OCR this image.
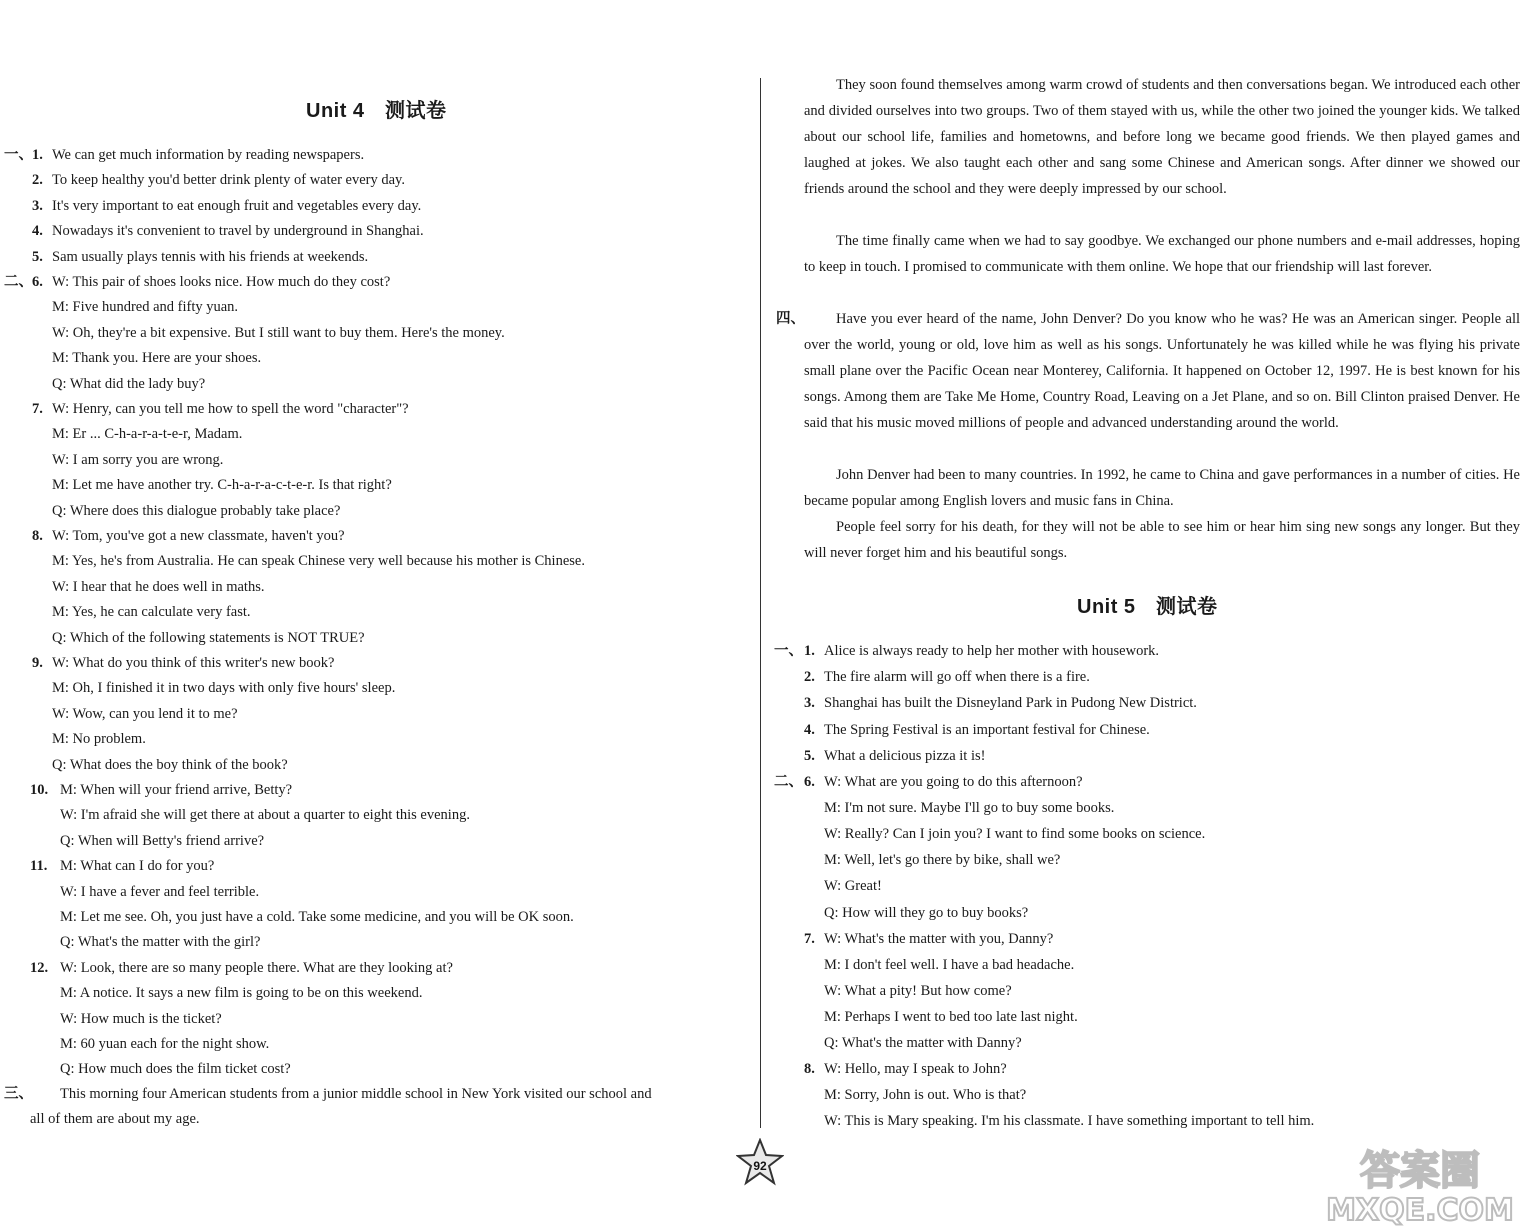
Unit 4　测试卷
一、 1. We can get much information by reading newspapers.
2. To keep healthy you'd better drink plenty of water every day.
3. It's very important to eat enough fruit and vegetables every day.
4. Nowadays it's convenient to travel by underground in Shanghai.
5. Sam usually plays tennis with his friends at weekends.
二、 6. W: This pair of shoes looks nice. How much do they cost?
M: Five hundred and fifty yuan.
W: Oh, they're a bit expensive. But I still want to buy them. Here's the money.
M: Thank you. Here are your shoes.
Q: What did the lady buy?
7. W: Henry, can you tell me how to spell the word "character"?
M: Er ... C-h-a-r-a-t-e-r, Madam.
W: I am sorry you are wrong.
M: Let me have another try. C-h-a-r-a-c-t-e-r. Is that right?
Q: Where does this dialogue probably take place?
8. W: Tom, you've got a new classmate, haven't you?
M: Yes, he's from Australia. He can speak Chinese very well because his mother is Chinese.
W: I hear that he does well in maths.
M: Yes, he can calculate very fast.
Q: Which of the following statements is NOT TRUE?
9. W: What do you think of this writer's new book?
M: Oh, I finished it in two days with only five hours' sleep.
W: Wow, can you lend it to me?
M: No problem.
Q: What does the boy think of the book?
10. M: When will your friend arrive, Betty?
W: I'm afraid she will get there at about a quarter to eight this evening.
Q: When will Betty's friend arrive?
11. M: What can I do for you?
W: I have a fever and feel terrible.
M: Let me see. Oh, you just have a cold. Take some medicine, and you will be OK soon.
Q: What's the matter with the girl?
12. W: Look, there are so many people there. What are they looking at?
M: A notice. It says a new film is going to be on this weekend.
W: How much is the ticket?
M: 60 yuan each for the night show.
Q: How much does the film ticket cost?
三、 This morning four American students from a junior middle school in New York visited our school and
all of them are about my age.
They soon found themselves among warm crowd of students and then conversations began. We introduced each other and divided ourselves into two groups. Two of them stayed with us, while the other two joined the younger kids. We talked about our school life, families and hometowns, and before long we became good friends. We then played games and laughed at jokes. We also taught each other and sang some Chinese and American songs. After dinner we showed our friends around the school and they were deeply impressed by our school.
The time finally came when we had to say goodbye. We exchanged our phone numbers and e-mail addresses, hoping to keep in touch. I promised to communicate with them online. We hope that our friendship will last forever.
四、	Have you ever heard of the name, John Denver? Do you know who he was? He was an American singer. People all over the world, young or old, love him as well as his songs. Unfortunately he was killed while he was flying his private small plane over the Pacific Ocean near Monterey, California. It happened on October 12, 1997. He is best known for his songs. Among them are Take Me Home, Country Road, Leaving on a Jet Plane, and so on. Bill Clinton praised Denver. He said that his music moved millions of people and advanced understanding around the world.
John Denver had been to many countries. In 1992, he came to China and gave performances in a number of cities. He became popular among English lovers and music fans in China.
People feel sorry for his death, for they will not be able to see him or hear him sing new songs any longer. But they will never forget him and his beautiful songs.
Unit 5　测试卷
一、 1. Alice is always ready to help her mother with housework.
2. The fire alarm will go off when there is a fire.
3. Shanghai has built the Disneyland Park in Pudong New District.
4. The Spring Festival is an important festival for Chinese.
5. What a delicious pizza it is!
二、 6. W: What are you going to do this afternoon?
M: I'm not sure. Maybe I'll go to buy some books.
W: Really? Can I join you? I want to find some books on science.
M: Well, let's go there by bike, shall we?
W: Great!
Q: How will they go to buy books?
7. W: What's the matter with you, Danny?
M: I don't feel well. I have a bad headache.
W: What a pity! But how come?
M: Perhaps I went to bed too late last night.
Q: What's the matter with Danny?
8. W: Hello, may I speak to John?
M: Sorry, John is out. Who is that?
W: This is Mary speaking. I'm his classmate. I have something important to tell him.
92	答案圈
MXQE.COM
